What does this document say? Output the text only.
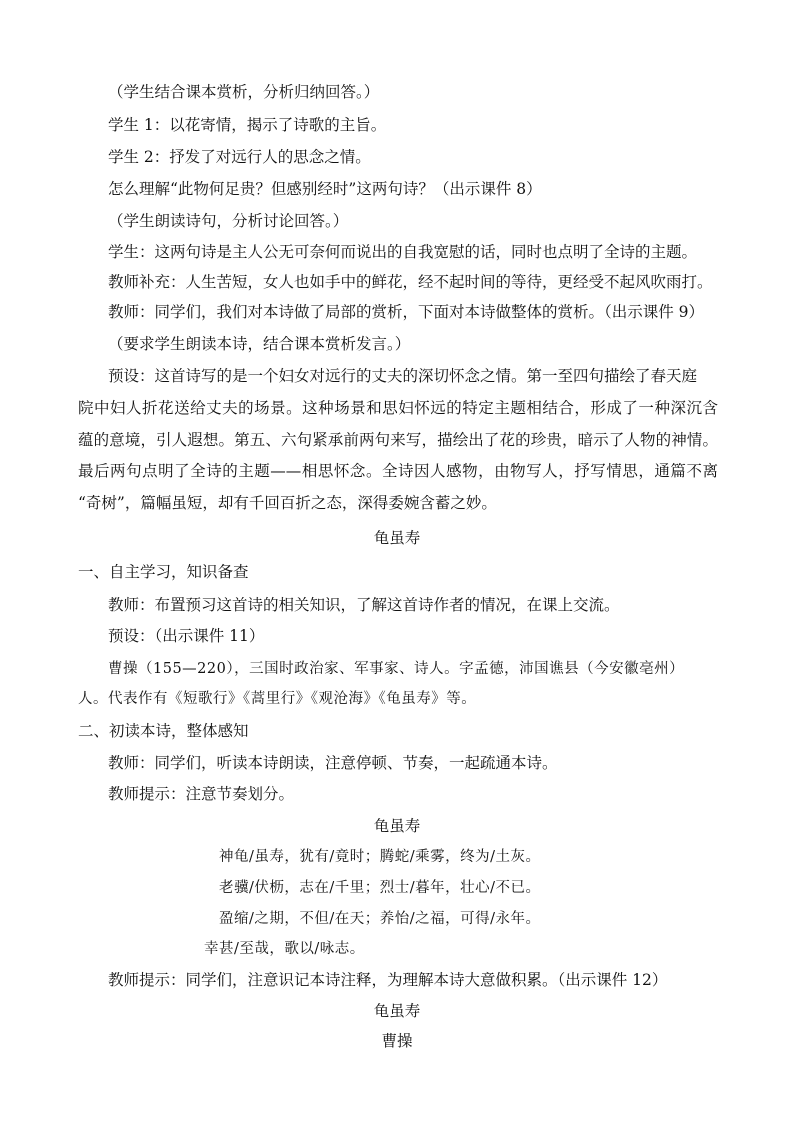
（学生结合课本赏析，分析归纳回答。）
学生 1：以花寄情，揭示了诗歌的主旨。
学生 2：抒发了对远行人的思念之情。
怎么理解“此物何足贵？但感别经时”这两句诗？（出示课件 8）
（学生朗读诗句，分析讨论回答。）
学生：这两句诗是主人公无可奈何而说出的自我宽慰的话，同时也点明了全诗的主题。
教师补充：人生苦短，女人也如手中的鲜花，经不起时间的等待，更经受不起风吹雨打。
教师：同学们，我们对本诗做了局部的赏析，下面对本诗做整体的赏析。（出示课件 9）
（要求学生朗读本诗，结合课本赏析发言。）
预设：这首诗写的是一个妇女对远行的丈夫的深切怀念之情。第一至四句描绘了春天庭
院中妇人折花送给丈夫的场景。这种场景和思妇怀远的特定主题相结合，形成了一种深沉含
蕴的意境，引人遐想。第五、六句紧承前两句来写，描绘出了花的珍贵，暗示了人物的神情。
最后两句点明了全诗的主题——相思怀念。全诗因人感物，由物写人，抒写情思，通篇不离
“奇树”，篇幅虽短，却有千回百折之态，深得委婉含蓄之妙。
龟虽寿
一、自主学习，知识备查
教师：布置预习这首诗的相关知识，了解这首诗作者的情况，在课上交流。
预设：（出示课件 11）
曹操（155—220），三国时政治家、军事家、诗人。字孟德，沛国谯县（今安徽亳州）
人。代表作有《短歌行》《蒿里行》《观沧海》《龟虽寿》等。
二、初读本诗，整体感知
教师：同学们，听读本诗朗读，注意停顿、节奏，一起疏通本诗。
教师提示：注意节奏划分。
龟虽寿
神龟/虽寿，犹有/竟时；腾蛇/乘雾，终为/土灰。
老骥/伏枥，志在/千里；烈士/暮年，壮心/不已。
盈缩/之期，不但/在天；养怡/之福，可得/永年。
幸甚/至哉，歌以/咏志。
教师提示：同学们，注意识记本诗注释，为理解本诗大意做积累。（出示课件 12）
龟虽寿
曹操
